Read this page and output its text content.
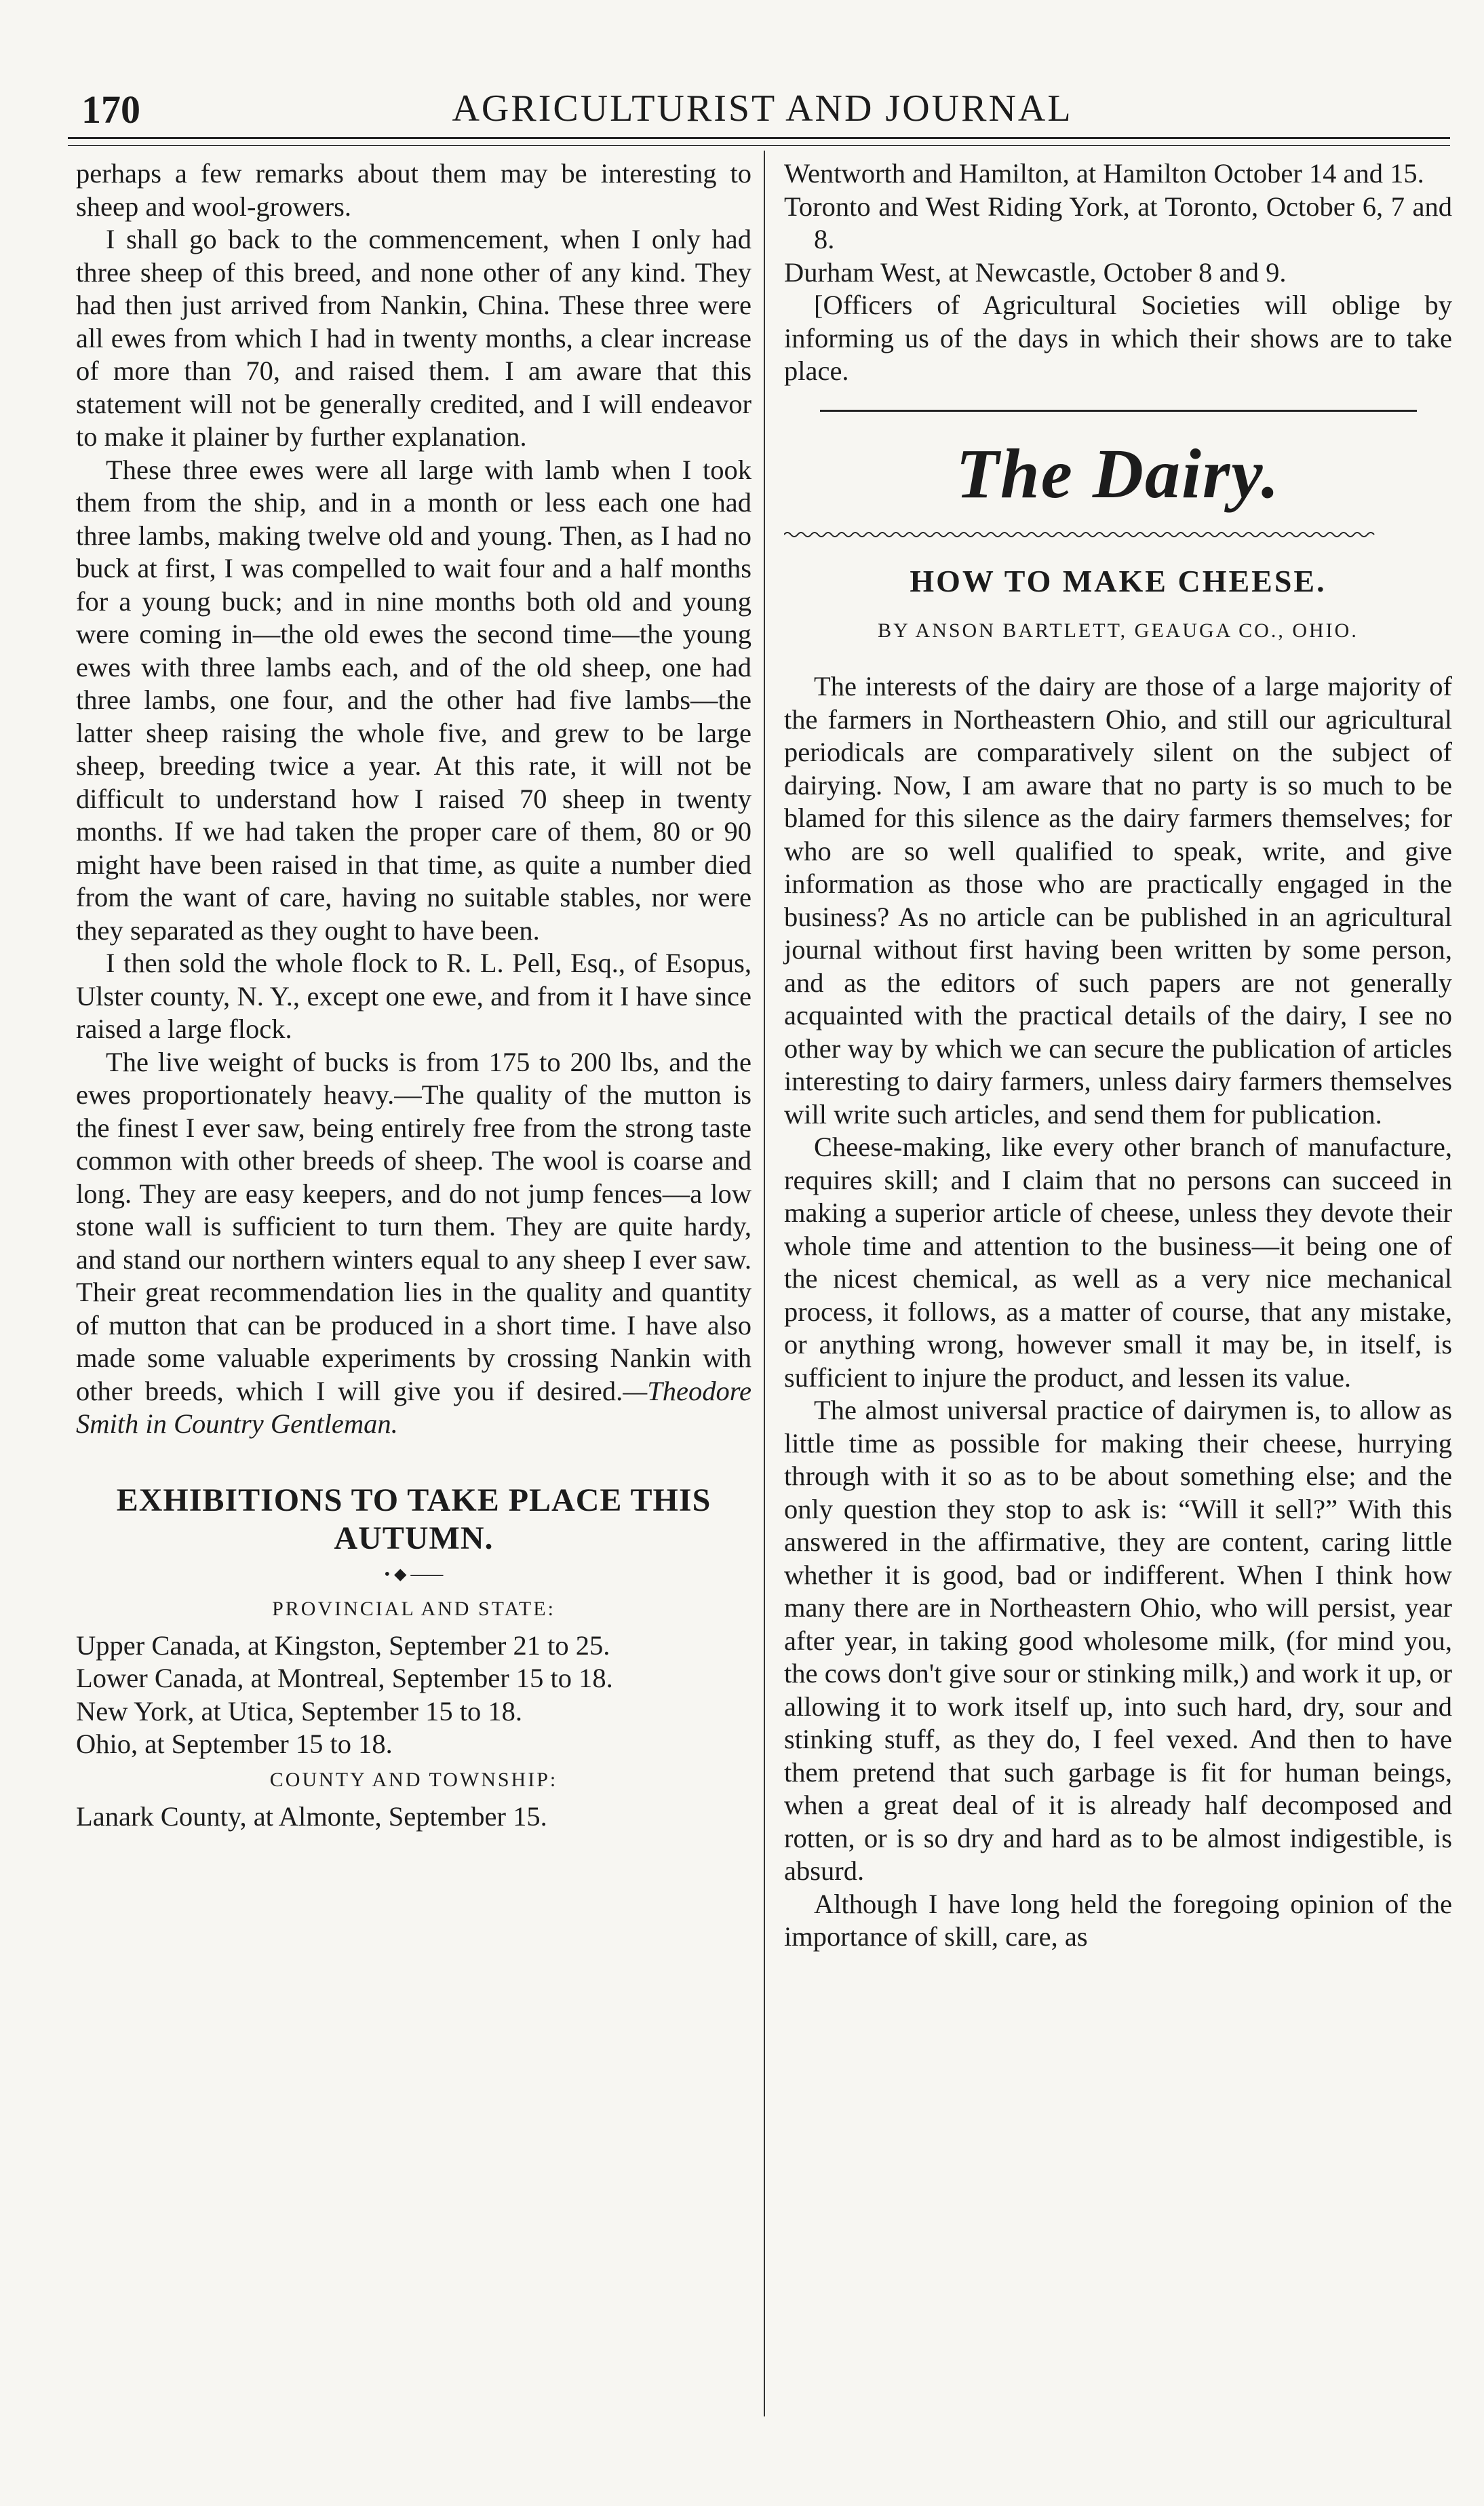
170	AGRICULTURIST AND JOURNAL

perhaps a few remarks about them may be interesting to sheep and wool-growers.

I shall go back to the commencement, when I only had three sheep of this breed, and none other of any kind. They had then just arrived from Nankin, China. These three were all ewes from which I had in twenty months, a clear increase of more than 70, and raised them. I am aware that this statement will not be generally credited, and I will endeavor to make it plainer by further explanation.

These three ewes were all large with lamb when I took them from the ship, and in a month or less each one had three lambs, making twelve old and young. Then, as I had no buck at first, I was compelled to wait four and a half months for a young buck; and in nine months both old and young were coming in—the old ewes the second time—the young ewes with three lambs each, and of the old sheep, one had three lambs, one four, and the other had five lambs—the latter sheep raising the whole five, and grew to be large sheep, breeding twice a year. At this rate, it will not be difficult to understand how I raised 70 sheep in twenty months. If we had taken the proper care of them, 80 or 90 might have been raised in that time, as quite a number died from the want of care, having no suitable stables, nor were they separated as they ought to have been.

I then sold the whole flock to R. L. Pell, Esq., of Esopus, Ulster county, N. Y., except one ewe, and from it I have since raised a large flock.

The live weight of bucks is from 175 to 200 lbs, and the ewes proportionately heavy.—The quality of the mutton is the finest I ever saw, being entirely free from the strong taste common with other breeds of sheep. The wool is coarse and long. They are easy keepers, and do not jump fences—a low stone wall is sufficient to turn them. They are quite hardy, and stand our northern winters equal to any sheep I ever saw. Their great recommendation lies in the quality and quantity of mutton that can be produced in a short time. I have also made some valuable experiments by crossing Nankin with other breeds, which I will give you if desired.—Theodore Smith in Country Gentleman.

EXHIBITIONS TO TAKE PLACE THIS AUTUMN.
• ◆ ——
PROVINCIAL AND STATE:

Upper Canada, at Kingston, September 21 to 25.

Lower Canada, at Montreal, September 15 to 18.

New York, at Utica, September 15 to 18.

Ohio, at September 15 to 18.

COUNTY AND TOWNSHIP:

Lanark County, at Almonte, September 15.

Wentworth and Hamilton, at Hamilton October 14 and 15.

Toronto and West Riding York, at Toronto, October 6, 7 and 8.

Durham West, at Newcastle, October 8 and 9.

[Officers of Agricultural Societies will oblige by informing us of the days in which their shows are to take place.

The Dairy.
HOW TO MAKE CHEESE.
BY ANSON BARTLETT, GEAUGA CO., OHIO.

The interests of the dairy are those of a large majority of the farmers in Northeastern Ohio, and still our agricultural periodicals are comparatively silent on the subject of dairying. Now, I am aware that no party is so much to be blamed for this silence as the dairy farmers themselves; for who are so well qualified to speak, write, and give information as those who are practically engaged in the business? As no article can be published in an agricultural journal without first having been written by some person, and as the editors of such papers are not generally acquainted with the practical details of the dairy, I see no other way by which we can secure the publication of articles interesting to dairy farmers, unless dairy farmers themselves will write such articles, and send them for publication.

Cheese-making, like every other branch of manufacture, requires skill; and I claim that no persons can succeed in making a superior article of cheese, unless they devote their whole time and attention to the business—it being one of the nicest chemical, as well as a very nice mechanical process, it follows, as a matter of course, that any mistake, or anything wrong, however small it may be, in itself, is sufficient to injure the product, and lessen its value.

The almost universal practice of dairymen is, to allow as little time as possible for making their cheese, hurrying through with it so as to be about something else; and the only question they stop to ask is: “Will it sell?” With this answered in the affirmative, they are content, caring little whether it is good, bad or indifferent. When I think how many there are in Northeastern Ohio, who will persist, year after year, in taking good wholesome milk, (for mind you, the cows don't give sour or stinking milk,) and work it up, or allowing it to work itself up, into such hard, dry, sour and stinking stuff, as they do, I feel vexed. And then to have them pretend that such garbage is fit for human beings, when a great deal of it is already half decomposed and rotten, or is so dry and hard as to be almost indigestible, is absurd.

Although I have long held the foregoing opinion of the importance of skill, care, as
